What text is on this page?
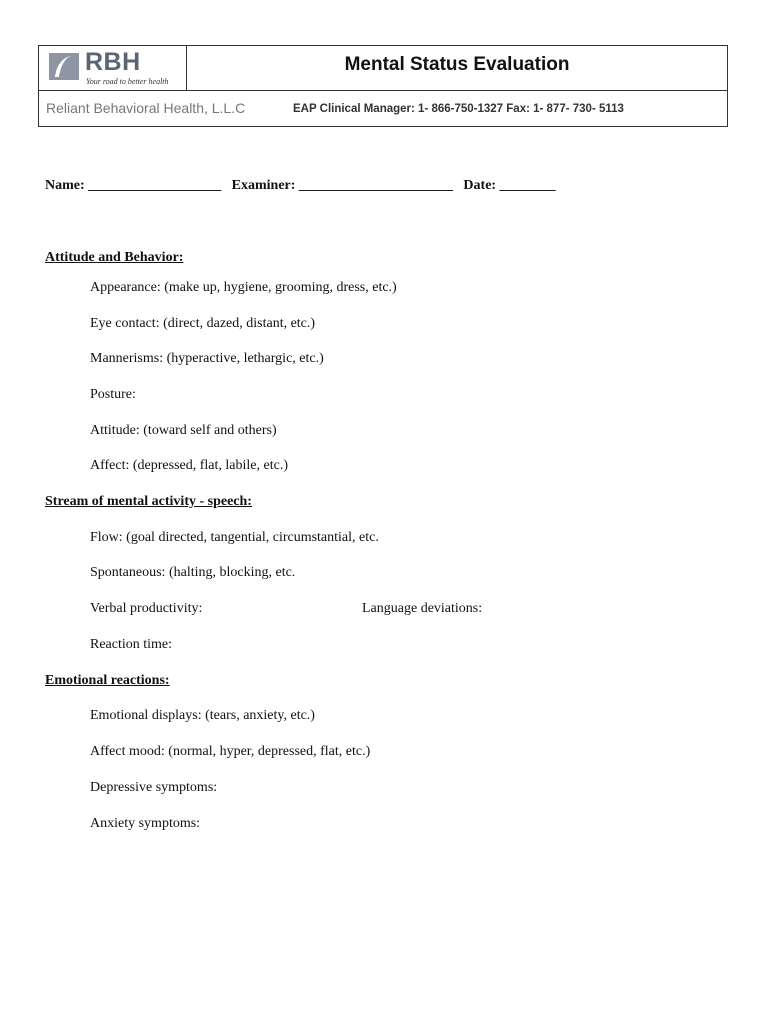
RBH
Your road to better health
Mental Status Evaluation
Reliant Behavioral Health, L.L.C	EAP Clinical Manager: 1- 866-750-1327 Fax: 1- 877- 730- 5113
Name: ___________________ Examiner: ______________________ Date: ________
Attitude and Behavior:
Appearance: (make up, hygiene, grooming, dress, etc.)
Eye contact: (direct, dazed, distant, etc.)
Mannerisms: (hyperactive, lethargic, etc.)
Posture:
Attitude: (toward self and others)
Affect: (depressed, flat, labile, etc.)
Stream of mental activity - speech:
Flow: (goal directed, tangential, circumstantial, etc.
Spontaneous: (halting, blocking, etc.
Verbal productivity:	Language deviations:
Reaction time:
Emotional reactions:
Emotional displays: (tears, anxiety, etc.)
Affect mood: (normal, hyper, depressed, flat, etc.)
Depressive symptoms:
Anxiety symptoms:
